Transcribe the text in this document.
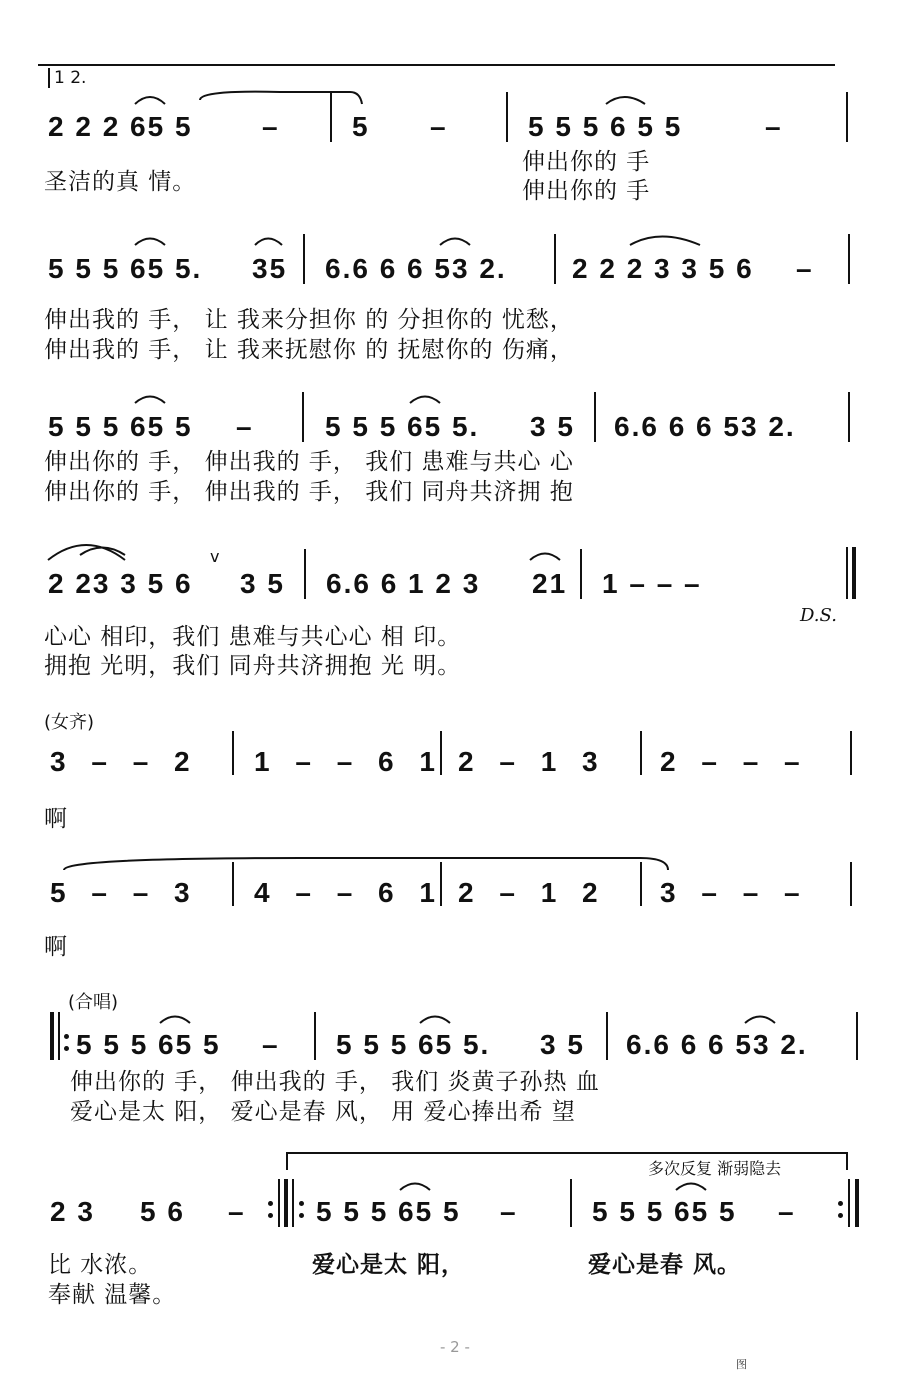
1 2.
2 2 2 65 5 –	5 –	5 5 5 6 5 5	–
圣洁的真 情。
伸出你的 手
伸出你的 手
5 5 5 65 5. 35 6.6 6 6 53 2. 2 2 2 3 3 5 6 –
伸出我的 手， 让 我来分担你 的 分担你的 忧愁，
伸出我的 手， 让 我来抚慰你 的 抚慰你的 伤痛，
5 5 5 65 5 –	5 5 5 65 5. 3 5 6.6 6 6 53 2.
伸出你的 手， 伸出我的 手， 我们 患难与共心 心
伸出你的 手， 伸出我的 手， 我们 同舟共济拥 抱
2 23 3 5 6
v
3 5 6.6 6 1 2 3 21 1 – – –
D.S.
心心 相印，我们 患难与共心心 相 印。
拥抱 光明，我们 同舟共济拥抱 光 明。
(女齐)
3 – – 2 1 – – 6 1 2 – 1 3 2 – – –
啊
5 – – 3 4 – – 6 1 2 – 1 2 3 – – –
啊
(合唱)
5 5 5 65 5 – 5 5 5 65 5. 3 5 6.6 6 6 53 2.
伸出你的 手， 伸出我的 手， 我们 炎黄子孙热 血
爱心是太 阳， 爱心是春 风， 用 爱心捧出希 望
多次反复 渐弱隐去
2 3 5 6 –	5 5 5 65 5 –	5 5 5 65 5 –
比 水浓。
奉献 温馨。
爱心是太 阳，	爱心是春 风。
- 2 -
图
